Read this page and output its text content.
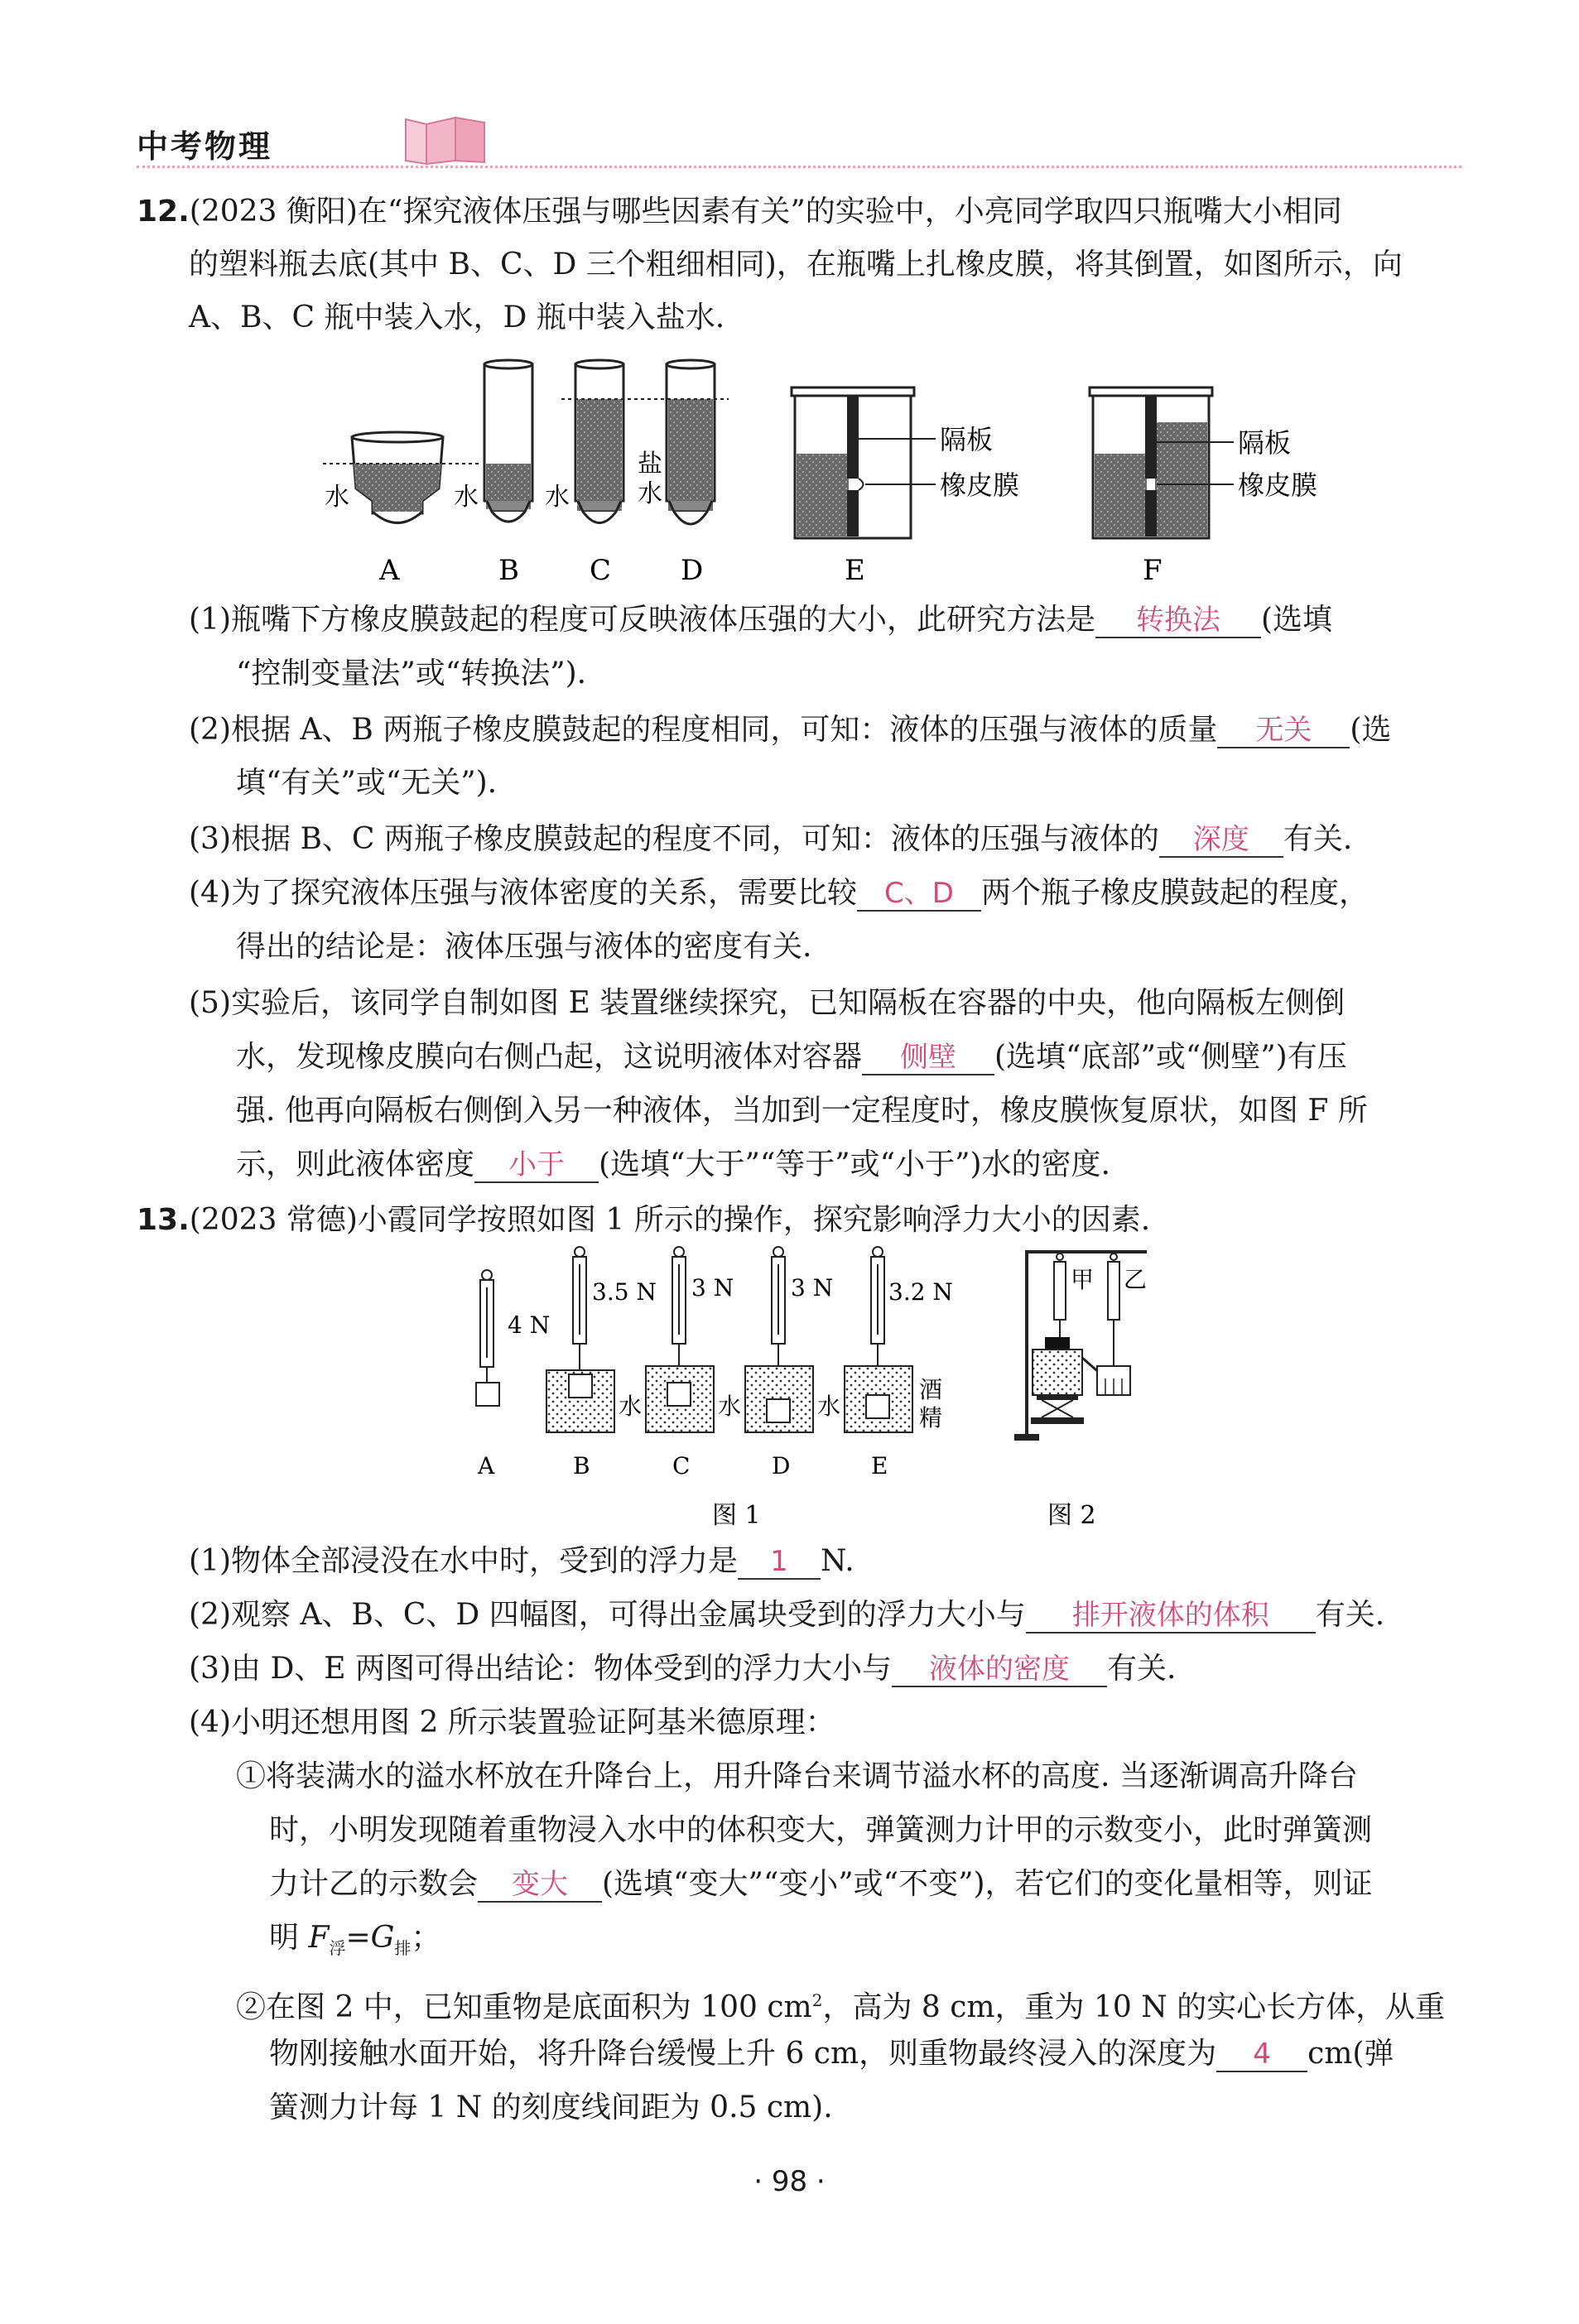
中考物理
12.(2023 衡阳)在“探究液体压强与哪些因素有关”的实验中，小亮同学取四只瓶嘴大小相同
的塑料瓶去底(其中 B、C、D 三个粗细相同)，在瓶嘴上扎橡皮膜，将其倒置，如图所示，向
A、B、C 瓶中装入水，D 瓶中装入盐水.
水	水	水
盐
水
隔板
橡皮膜
隔板
橡皮膜
A	B	C D	E	F
(1)瓶嘴下方橡皮膜鼓起的程度可反映液体压强的大小，此研究方法是 转换法 (选填
“控制变量法”或“转换法”).
(2)根据 A、B 两瓶子橡皮膜鼓起的程度相同，可知：液体的压强与液体的质量 无关 (选
填“有关”或“无关”).
(3)根据 B、C 两瓶子橡皮膜鼓起的程度不同，可知：液体的压强与液体的 深度 有关.
(4)为了探究液体压强与液体密度的关系，需要比较 C、D 两个瓶子橡皮膜鼓起的程度，
得出的结论是：液体压强与液体的密度有关.
(5)实验后，该同学自制如图 E 装置继续探究，已知隔板在容器的中央，他向隔板左侧倒
水，发现橡皮膜向右侧凸起，这说明液体对容器 侧壁 (选填“底部”或“侧壁”)有压
强. 他再向隔板右侧倒入另一种液体，当加到一定程度时，橡皮膜恢复原状，如图 F 所
示，则此液体密度 小于 (选填“大于”“等于”或“小于”)水的密度.
13.(2023 常德)小霞同学按照如图 1 所示的操作，探究影响浮力大小的因素.
4 N
3.5 N 3 N 3 N 3.2 N
水	水	水
酒
精
A	B	C	D	E
甲 乙
图 1	图 2
(1)物体全部浸没在水中时，受到的浮力是 1 N.
(2)观察 A、B、C、D 四幅图，可得出金属块受到的浮力大小与 排开液体的体积 有关.
(3)由 D、E 两图可得出结论：物体受到的浮力大小与 液体的密度 有关.
(4)小明还想用图 2 所示装置验证阿基米德原理：
①将装满水的溢水杯放在升降台上，用升降台来调节溢水杯的高度. 当逐渐调高升降台
时，小明发现随着重物浸入水中的体积变大，弹簧测力计甲的示数变小，此时弹簧测
力计乙的示数会 变大 (选填“变大”“变小”或“不变”)，若它们的变化量相等，则证
明 $F_浮=G_排$；
②在图 2 中，已知重物是底面积为 100 $cm^2$，高为 8 cm，重为 10 N 的实心长方体，从重
物刚接触水面开始，将升降台缓慢上升 6 cm，则重物最终浸入的深度为 4 cm(弹
簧测力计每 1 N 的刻度线间距为 0.5 cm).
· 98 ·
